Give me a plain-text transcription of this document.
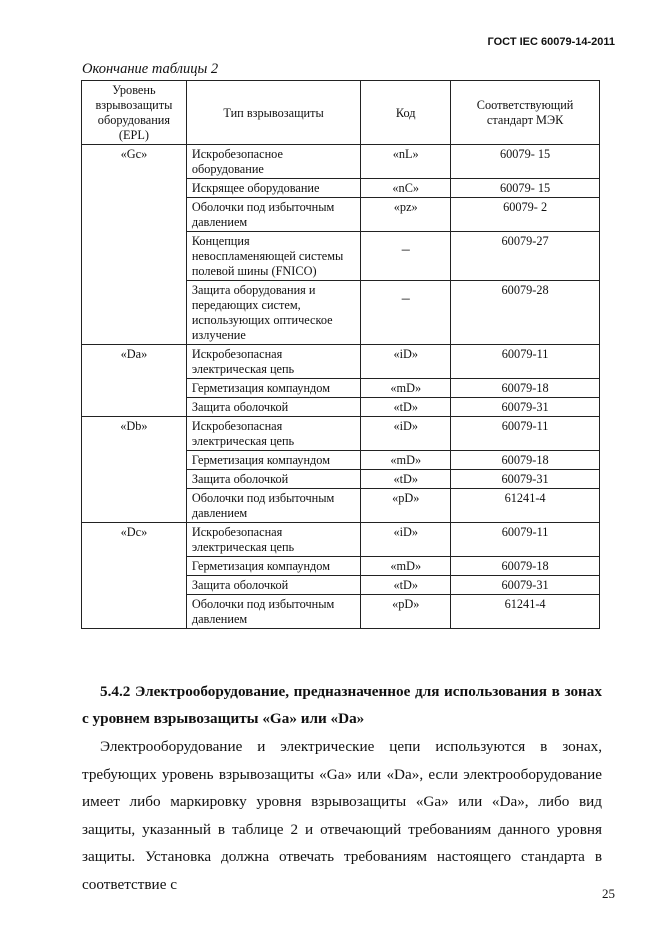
ГОСТ IEC 60079-14-2011
Окончание таблицы 2
Уровень взрывозащиты оборудования (EPL)	Тип взрывозащиты	Код	Соответствующий стандарт МЭК
«Gc»	Искробезопасное оборудование	«nL»	60079- 15
	Искрящее оборудование	«nC»	60079- 15
	Оболочки под избыточным давлением	«pz»	60079- 2
	Концепция невоспламеняющей системы полевой шины (FNICO)	–	60079-27
	Защита оборудования и передающих систем, использующих оптическое излучение	–	60079-28
«Da»	Искробезопасная электрическая цепь	«iD»	60079-11
	Герметизация компаундом	«mD»	60079-18
	Защита оболочкой	«tD»	60079-31
«Db»	Искробезопасная электрическая цепь	«iD»	60079-11
	Герметизация компаундом	«mD»	60079-18
	Защита оболочкой	«tD»	60079-31
	Оболочки под избыточным давлением	«pD»	61241-4
«Dc»	Искробезопасная электрическая цепь	«iD»	60079-11
	Герметизация компаундом	«mD»	60079-18
	Защита оболочкой	«tD»	60079-31
	Оболочки под избыточным давлением	«pD»	61241-4
5.4.2 Электрооборудование, предназначенное для использования в зонах с уровнем взрывозащиты «Ga» или «Da»
Электрооборудование и электрические цепи используются в зонах, требующих уровень взрывозащиты «Ga» или «Da», если электрооборудование имеет либо маркировку уровня взрывозащиты «Ga» или «Da», либо вид защиты, указанный в таблице 2 и отвечающий требованиям данного уровня защиты. Установка должна отвечать требованиям настоящего стандарта в соответствие с
25
